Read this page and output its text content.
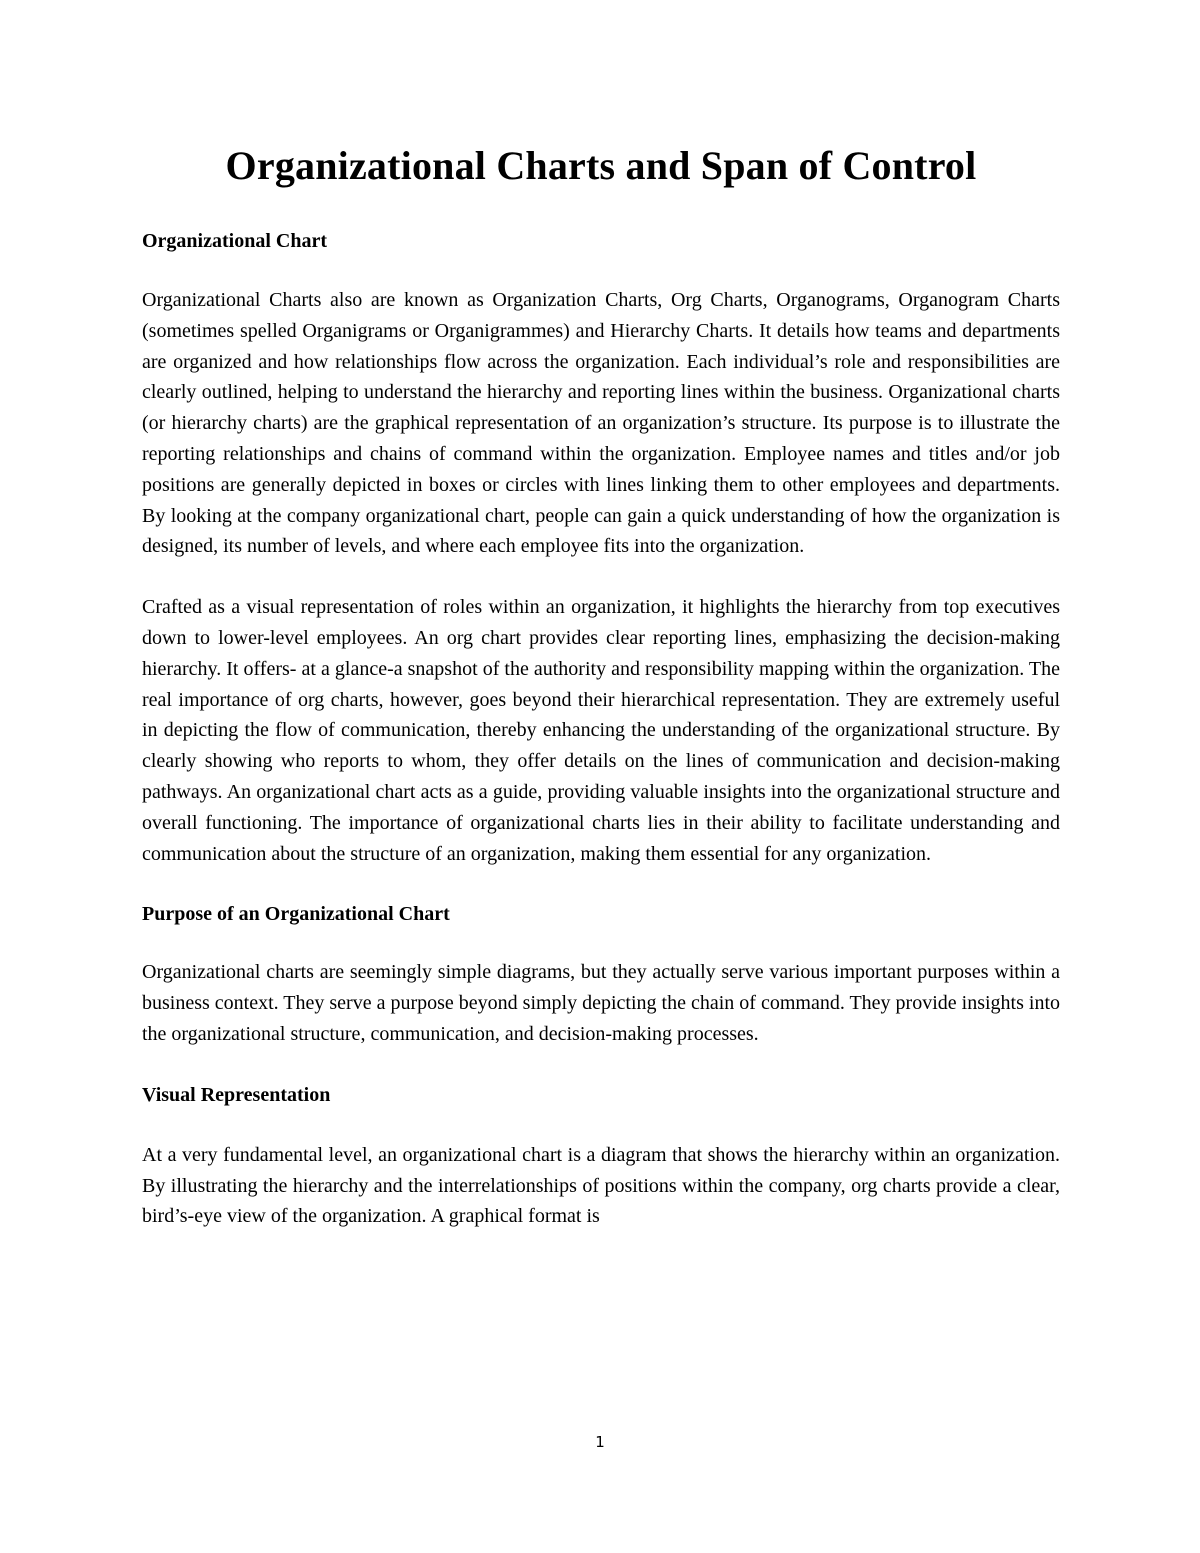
Organizational Charts and Span of Control
Organizational Chart

Organizational Charts also are known as Organization Charts, Org Charts, Organograms, Organogram Charts (sometimes spelled Organigrams or Organigrammes) and Hierarchy Charts. It details how teams and departments are organized and how relationships flow across the organization. Each individual’s role and responsibilities are clearly outlined, helping to understand the hierarchy and reporting lines within the business. Organizational charts (or hierarchy charts) are the graphical representation of an organization’s structure. Its purpose is to illustrate the reporting relationships and chains of command within the organization. Employee names and titles and/or job positions are generally depicted in boxes or circles with lines linking them to other employees and departments. By looking at the company organizational chart, people can gain a quick understanding of how the organization is designed, its number of levels, and where each employee fits into the organization.

Crafted as a visual representation of roles within an organization, it highlights the hierarchy from top executives down to lower-level employees. An org chart provides clear reporting lines, emphasizing the decision-making hierarchy. It offers- at a glance-a snapshot of the authority and responsibility mapping within the organization. The real importance of org charts, however, goes beyond their hierarchical representation. They are extremely useful in depicting the flow of communication, thereby enhancing the understanding of the organizational structure. By clearly showing who reports to whom, they offer details on the lines of communication and decision-making pathways. An organizational chart acts as a guide, providing valuable insights into the organizational structure and overall functioning. The importance of organizational charts lies in their ability to facilitate understanding and communication about the structure of an organization, making them essential for any organization.

Purpose of an Organizational Chart

Organizational charts are seemingly simple diagrams, but they actually serve various important purposes within a business context. They serve a purpose beyond simply depicting the chain of command. They provide insights into the organizational structure, communication, and decision-making processes.

Visual Representation

At a very fundamental level, an organizational chart is a diagram that shows the hierarchy within an organization. By illustrating the hierarchy and the interrelationships of positions within the company, org charts provide a clear, bird’s-eye view of the organization. A graphical format is

1
